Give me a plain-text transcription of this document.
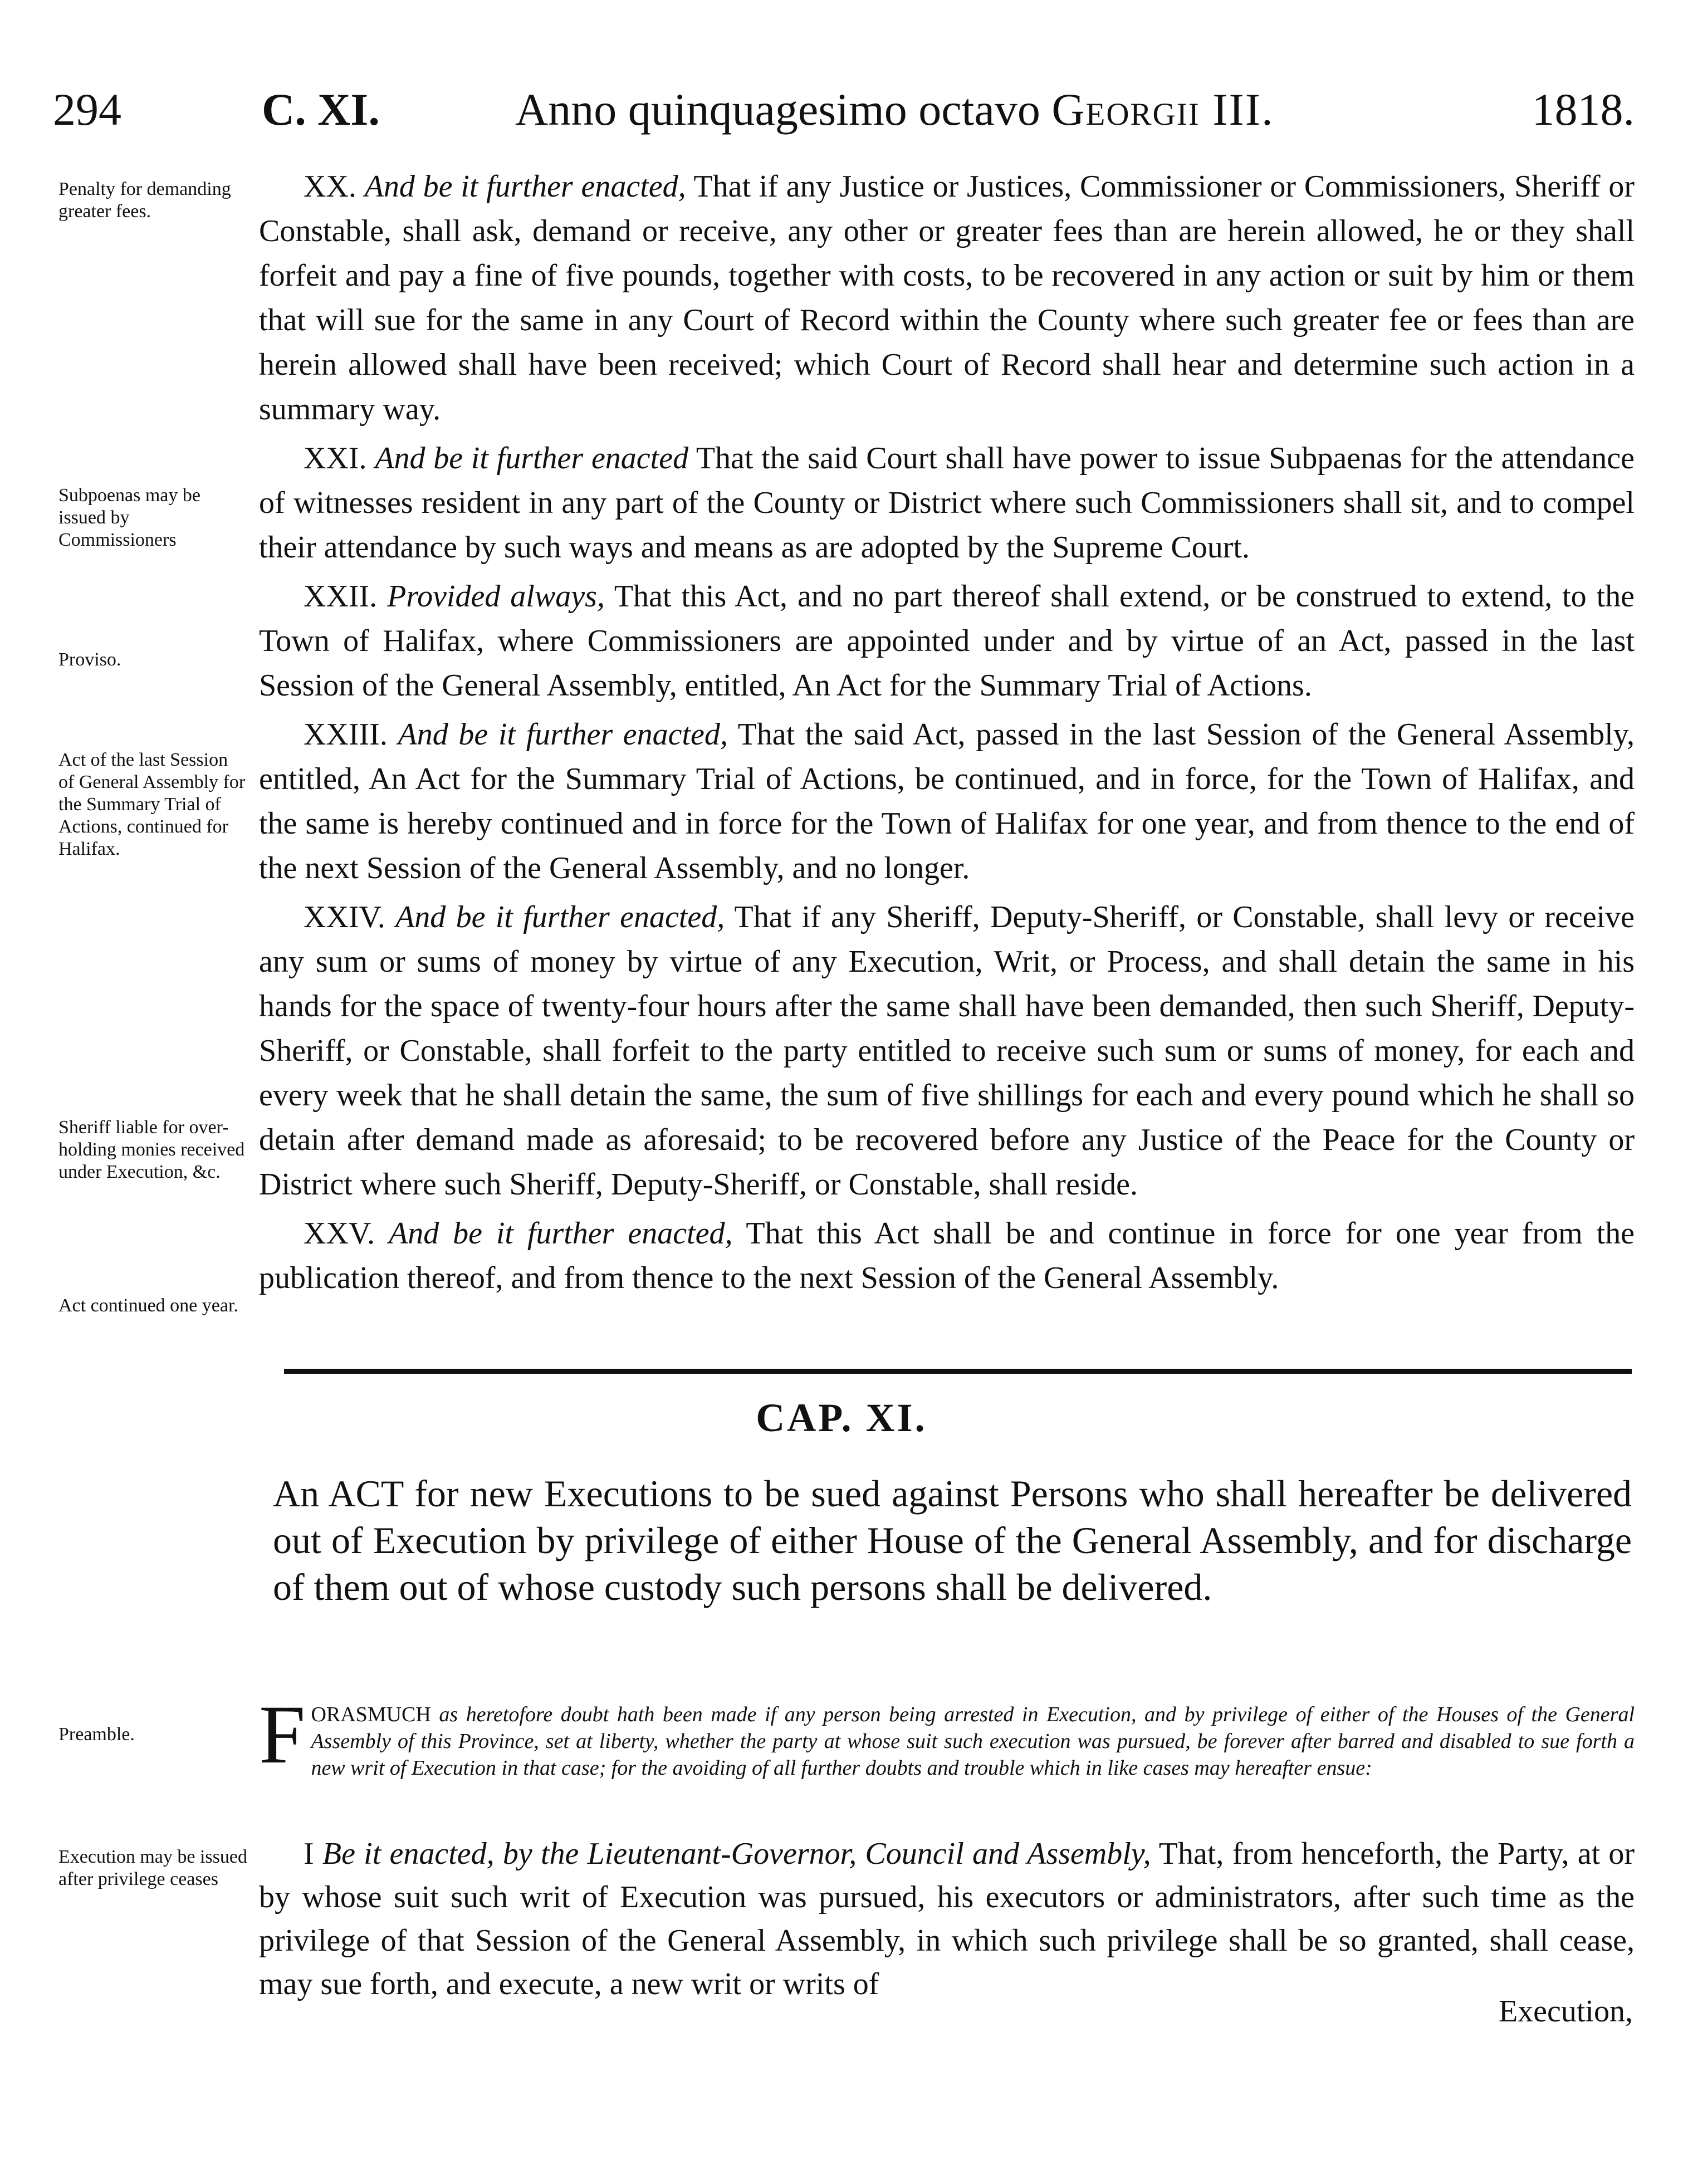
294	C. XI.	Anno quinquagesimo octavo Georgii III.	1818.
Penalty for demanding greater fees.
Subpoenas may be issued by Commissioners
Proviso.
Act of the last Session of General Assembly for the Summary Trial of Actions, continued for Halifax.
Sheriff liable for over-holding monies received under Execution, &c.
Act continued one year.
Preamble.
Execution may be issued after privilege ceases

XX. And be it further enacted, That if any Justice or Justices, Commissioner or Commissioners, Sheriff or Constable, shall ask, demand or receive, any other or greater fees than are herein allowed, he or they shall forfeit and pay a fine of five pounds, together with costs, to be recovered in any action or suit by him or them that will sue for the same in any Court of Record within the County where such greater fee or fees than are herein allowed shall have been received; which Court of Record shall hear and determine such action in a summary way.

XXI. And be it further enacted That the said Court shall have power to issue Subpaenas for the attendance of witnesses resident in any part of the County or District where such Commissioners shall sit, and to compel their attendance by such ways and means as are adopted by the Supreme Court.

XXII. Provided always, That this Act, and no part thereof shall extend, or be construed to extend, to the Town of Halifax, where Commissioners are appointed under and by virtue of an Act, passed in the last Session of the General Assembly, entitled, An Act for the Summary Trial of Actions.

XXIII. And be it further enacted, That the said Act, passed in the last Session of the General Assembly, entitled, An Act for the Summary Trial of Actions, be continued, and in force, for the Town of Halifax, and the same is hereby continued and in force for the Town of Halifax for one year, and from thence to the end of the next Session of the General Assembly, and no longer.

XXIV. And be it further enacted, That if any Sheriff, Deputy-Sheriff, or Constable, shall levy or receive any sum or sums of money by virtue of any Execution, Writ, or Process, and shall detain the same in his hands for the space of twenty-four hours after the same shall have been demanded, then such Sheriff, Deputy-Sheriff, or Constable, shall forfeit to the party entitled to receive such sum or sums of money, for each and every week that he shall detain the same, the sum of five shillings for each and every pound which he shall so detain after demand made as aforesaid; to be recovered before any Justice of the Peace for the County or District where such Sheriff, Deputy-Sheriff, or Constable, shall reside.

XXV. And be it further enacted, That this Act shall be and continue in force for one year from the publication thereof, and from thence to the next Session of the General Assembly.

CAP. XI.
An ACT for new Executions to be sued against Persons who shall hereafter be delivered out of Execution by privilege of either House of the General Assembly, and for discharge of them out of whose custody such persons shall be delivered.
FORASMUCH as heretofore doubt hath been made if any person being arrested in Execution, and by privilege of either of the Houses of the General Assembly of this Province, set at liberty, whether the party at whose suit such execution was pursued, be forever after barred and disabled to sue forth a new writ of Execution in that case; for the avoiding of all further doubts and trouble which in like cases may hereafter ensue:

I Be it enacted, by the Lieutenant-Governor, Council and Assembly, That, from henceforth, the Party, at or by whose suit such writ of Execution was pursued, his executors or administrators, after such time as the privilege of that Session of the General Assembly, in which such privilege shall be so granted, shall cease, may sue forth, and execute, a new writ or writs of

Execution,
